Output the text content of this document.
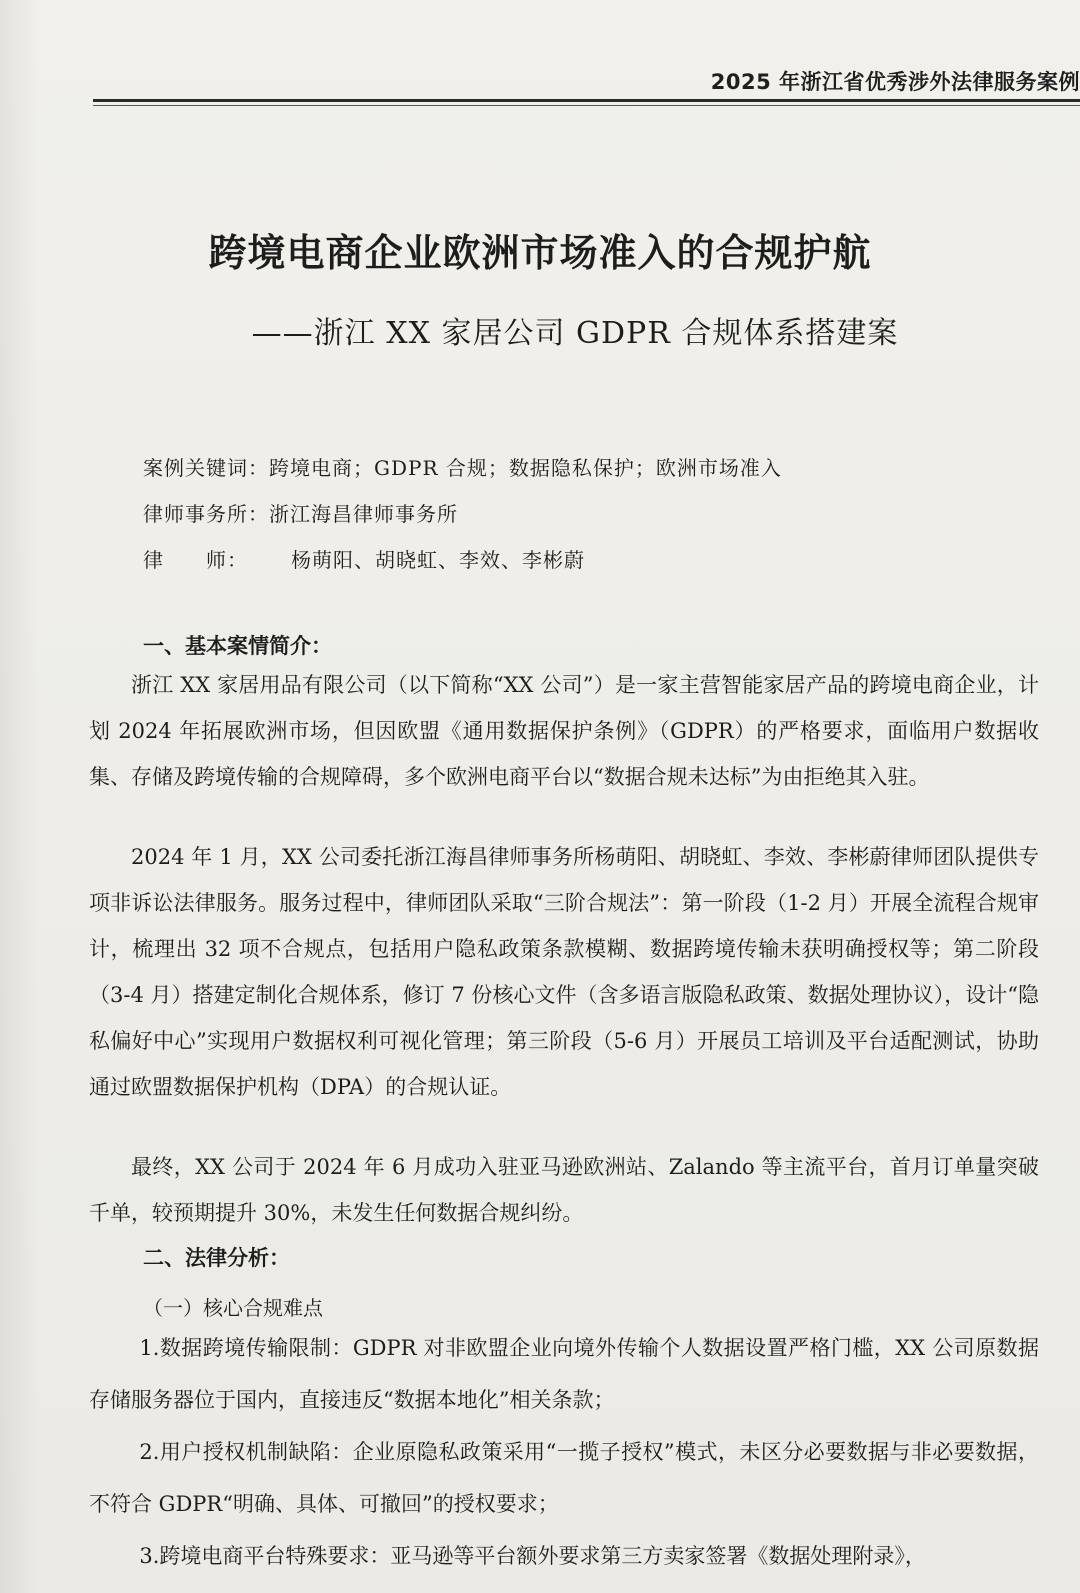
2025 年浙江省优秀涉外法律服务案例
跨境电商企业欧洲市场准入的合规护航
——浙江 XX 家居公司 GDPR 合规体系搭建案
案例关键词：跨境电商；GDPR 合规；数据隐私保护；欧洲市场准入
律师事务所：浙江海昌律师事务所
律　　师： 杨萌阳、胡晓虹、李效、李彬蔚
一、基本案情简介：

浙江 XX 家居用品有限公司（以下简称“XX 公司”）是一家主营智能家居产品的跨境电商企业，计划 2024 年拓展欧洲市场，但因欧盟《通用数据保护条例》（GDPR）的严格要求，面临用户数据收集、存储及跨境传输的合规障碍，多个欧洲电商平台以“数据合规未达标”为由拒绝其入驻。

2024 年 1 月，XX 公司委托浙江海昌律师事务所杨萌阳、胡晓虹、李效、李彬蔚律师团队提供专项非诉讼法律服务。服务过程中，律师团队采取“三阶合规法”：第一阶段（1-2 月）开展全流程合规审计，梳理出 32 项不合规点，包括用户隐私政策条款模糊、数据跨境传输未获明确授权等；第二阶段（3-4 月）搭建定制化合规体系，修订 7 份核心文件（含多语言版隐私政策、数据处理协议），设计“隐私偏好中心”实现用户数据权利可视化管理；第三阶段（5-6 月）开展员工培训及平台适配测试，协助通过欧盟数据保护机构（DPA）的合规认证。

最终，XX 公司于 2024 年 6 月成功入驻亚马逊欧洲站、Zalando 等主流平台，首月订单量突破千单，较预期提升 30%，未发生任何数据合规纠纷。

二、法律分析：
（一）核心合规难点

1.数据跨境传输限制：GDPR 对非欧盟企业向境外传输个人数据设置严格门槛，XX 公司原数据存储服务器位于国内，直接违反“数据本地化”相关条款；

2.用户授权机制缺陷：企业原隐私政策采用“一揽子授权”模式，未区分必要数据与非必要数据，不符合 GDPR“明确、具体、可撤回”的授权要求；

3.跨境电商平台特殊要求：亚马逊等平台额外要求第三方卖家签署《数据处理附录》，
